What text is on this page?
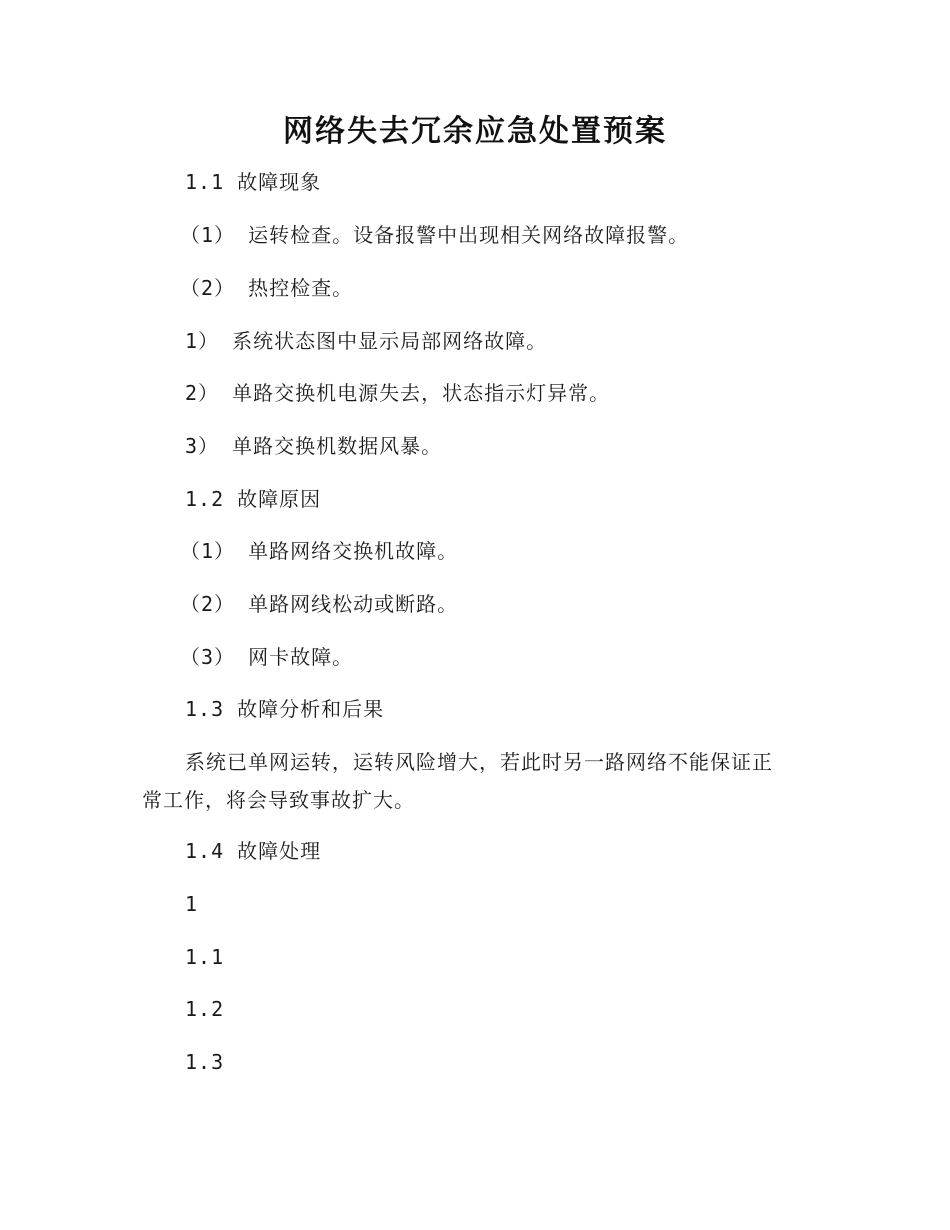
网络失去冗余应急处置预案
1.1 故障现象
（1） 运转检查。设备报警中出现相关网络故障报警。
（2） 热控检查。
1） 系统状态图中显示局部网络故障。
2） 单路交换机电源失去，状态指示灯异常。
3） 单路交换机数据风暴。
1.2 故障原因
（1） 单路网络交换机故障。
（2） 单路网线松动或断路。
（3） 网卡故障。
1.3 故障分析和后果
系统已单网运转，运转风险增大，若此时另一路网络不能保证正
常工作，将会导致事故扩大。
1.4 故障处理
1
1.1
1.2
1.3
